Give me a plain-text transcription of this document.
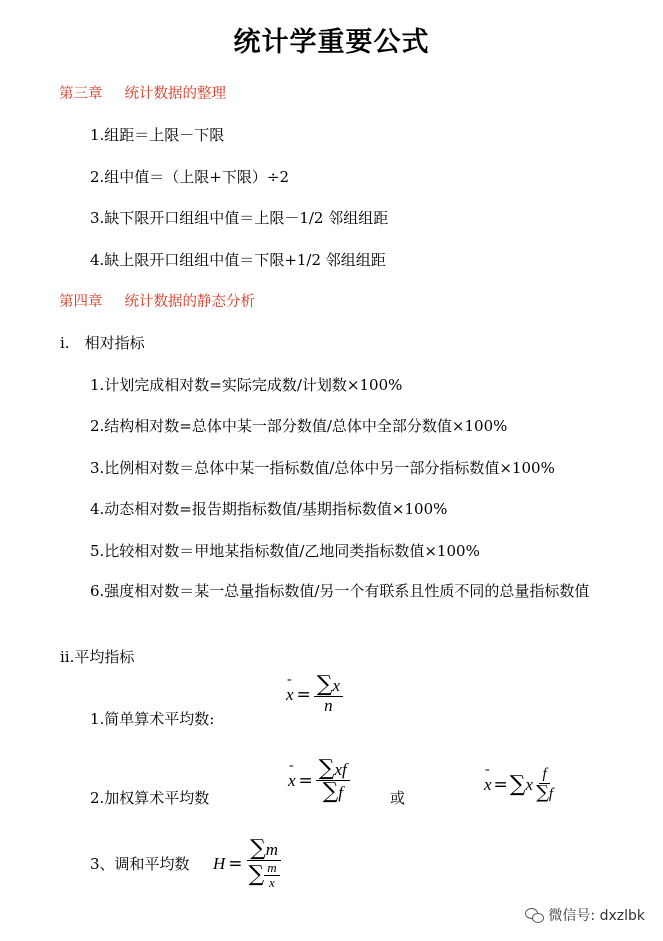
统计学重要公式
第三章 统计数据的整理
1.组距＝上限－下限
2.组中值＝（上限+下限）÷2
3.缺下限开口组组中值＝上限－1/2 邻组组距
4.缺上限开口组组中值＝下限+1/2 邻组组距
第四章 统计数据的静态分析
i.　相对指标
1.计划完成相对数=实际完成数/计划数×100%
2.结构相对数=总体中某一部分数值/总体中全部分数值×100%
3.比例相对数＝总体中某一指标数值/总体中另一部分指标数值×100%
4.动态相对数=报告期指标数值/基期指标数值×100%
5.比较相对数＝甲地某指标数值/乙地同类指标数值×100%
6.强度相对数＝某一总量指标数值/另一个有联系且性质不同的总量指标数值
ii.平均指标
1.简单算术平均数:
- $x = \frac{\sum x}{n}$
2.加权算术平均数
- $x = \frac{\sum xf}{\sum f}$	或
- x = ∑ x $\frac{f}{\sum f}$
3、调和平均数 $H = \frac{\sum m}{\sum \frac{m}{x}}$
微信号: dxzlbk
